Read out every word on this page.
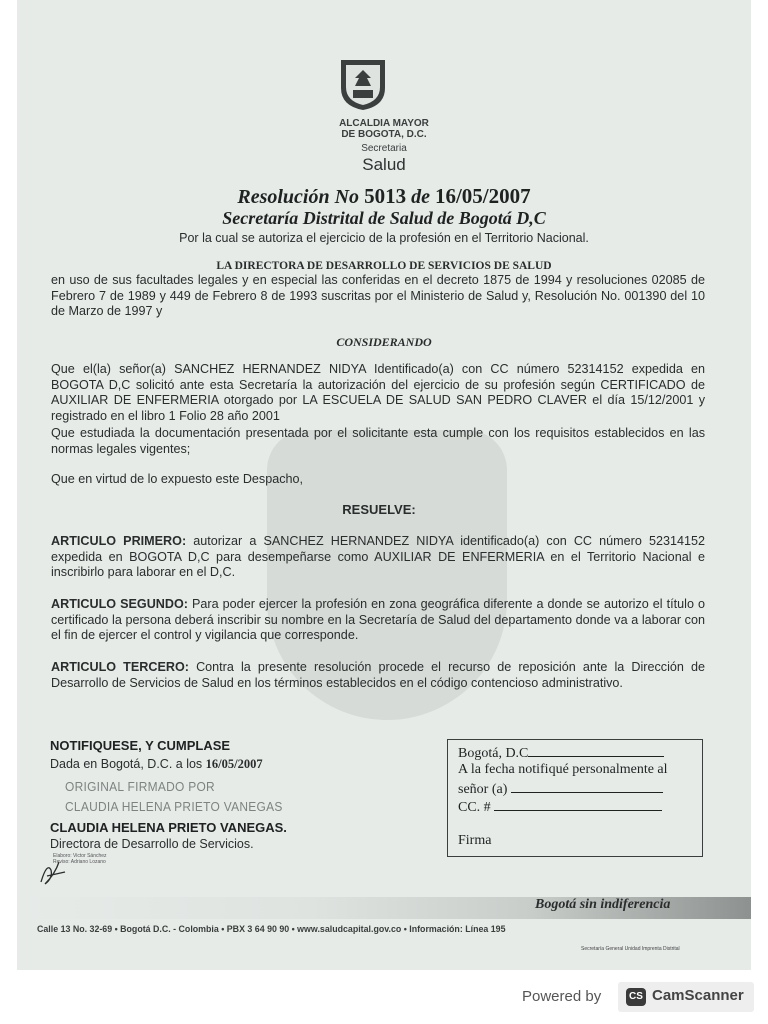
ALCALDIA MAYOR
DE BOGOTA, D.C.
Secretaria
Salud
Resolución No 5013 de 16/05/2007
Secretaría Distrital de Salud de Bogotá D,C
Por la cual se autoriza el ejercicio de la profesión en el Territorio Nacional.
LA DIRECTORA DE DESARROLLO DE SERVICIOS DE SALUD
en uso de sus facultades legales y en especial las conferidas en el decreto 1875 de 1994 y resoluciones 02085 de Febrero 7 de 1989 y 449 de Febrero 8 de 1993 suscritas por el Ministerio de Salud y, Resolución No. 001390 del 10 de Marzo de 1997 y
CONSIDERANDO
Que el(la) señor(a) SANCHEZ HERNANDEZ NIDYA Identificado(a) con CC número 52314152 expedida en BOGOTA D,C solicitó ante esta Secretaría la autorización del ejercicio de su profesión según CERTIFICADO de AUXILIAR DE ENFERMERIA otorgado por LA ESCUELA DE SALUD SAN PEDRO CLAVER el día 15/12/2001 y registrado en el libro 1 Folio 28 año 2001
Que estudiada la documentación presentada por el solicitante esta cumple con los requisitos establecidos en las normas legales vigentes;
Que en virtud de lo expuesto este Despacho,
RESUELVE:
ARTICULO PRIMERO: autorizar a SANCHEZ HERNANDEZ NIDYA identificado(a) con CC número 52314152 expedida en BOGOTA D,C para desempeñarse como AUXILIAR DE ENFERMERIA en el Territorio Nacional e inscribirlo para laborar en el D,C.
ARTICULO SEGUNDO: Para poder ejercer la profesión en zona geográfica diferente a donde se autorizo el título o certificado la persona deberá inscribir su nombre en la Secretaría de Salud del departamento donde va a laborar con el fin de ejercer el control y vigilancia que corresponde.
ARTICULO TERCERO: Contra la presente resolución procede el recurso de reposición ante la Dirección de Desarrollo de Servicios de Salud en los términos establecidos en el código contencioso administrativo.
NOTIFIQUESE, Y CUMPLASE
Dada en Bogotá, D.C. a los 16/05/2007
ORIGINAL FIRMADO POR
CLAUDIA HELENA PRIETO VANEGAS
CLAUDIA HELENA PRIETO VANEGAS.
Directora de Desarrollo de Servicios.
Elaboro: Victor Sánchez
Reviso: Adriano Lozano
Bogotá, D.C
A la fecha notifiqué personalmente al
señor (a)
CC. #
Firma
Bogotá sin indiferencia
Calle 13 No. 32-69 • Bogotá D.C. - Colombia • PBX 3 64 90 90 • www.saludcapital.gov.co • Información: Línea 195
Secretaría General Unidad Imprenta Distrital
Powered by	CS CamScanner
